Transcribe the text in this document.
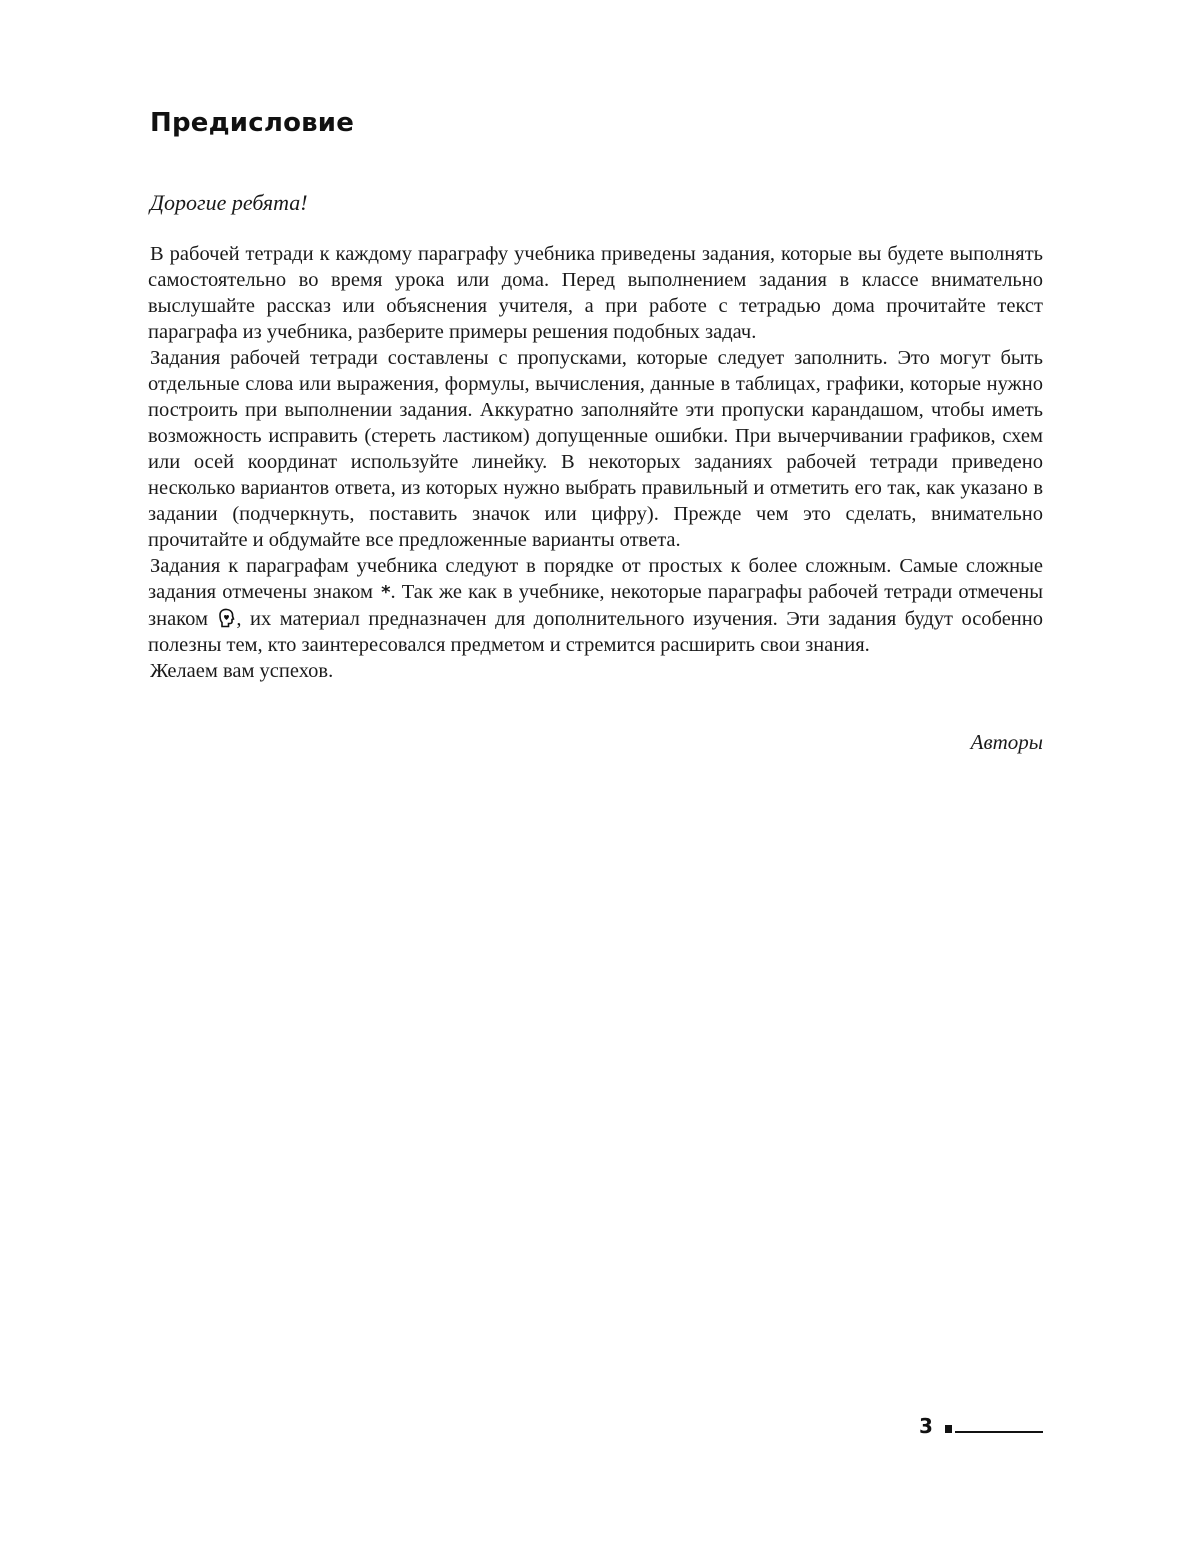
Предисловие

Дорогие ребята!

В рабочей тетради к каждому параграфу учебника приведены задания, которые вы будете выполнять самостоятельно во время урока или дома. Перед выполнением задания в классе внимательно выслушайте рассказ или объяснения учителя, а при работе с тетрадью дома прочитайте текст параграфа из учебника, разберите примеры решения подобных задач.

Задания рабочей тетради составлены с пропусками, которые следует заполнить. Это могут быть отдельные слова или выражения, формулы, вычисления, данные в таблицах, графики, которые нужно построить при выполнении задания. Аккуратно заполняйте эти пропуски карандашом, чтобы иметь возможность исправить (стереть ластиком) допущенные ошибки. При вычерчивании графиков, схем или осей координат используйте линейку. В некоторых заданиях рабочей тетради приведено несколько вариантов ответа, из которых нужно выбрать правильный и отметить его так, как указано в задании (подчеркнуть, поставить значок или цифру). Прежде чем это сделать, внимательно прочитайте и обдумайте все предложенные варианты ответа.

Задания к параграфам учебника следуют в порядке от простых к более сложным. Самые сложные задания отмечены знаком *. Так же как в учебнике, некоторые параграфы рабочей тетради отмечены знаком
, их материал предназначен для дополнительного изучения. Эти задания будут особенно полезны тем, кто заинтересовался предметом и стремится расширить свои знания.

Желаем вам успехов.

Авторы
3
